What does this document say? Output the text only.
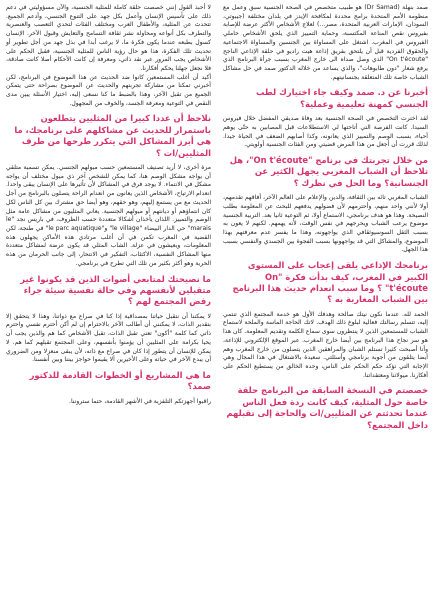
صمد بنهلة (Dr Samad) هو طبيب متخصص في الصحة الجنسية سبق وعمل مع منظومة الأمم المتحدة برامج محددة لمكافحة الإيدز في بلدان مختلفة (جيبوتي، السودان، الإمارات العربية المتحدة، مصر...) لعلاج الأشخاص الأكثر عرضة للإصابة بفيروس نقص المناعة المكتسبة، وحماية التمييز الذي يلحق الأشخاص حاملي الفيروس في المغرب. اشتغل على المساواة بين الجنسين والمساواة الاجتماعية والحقوق الفردية قبل أن يلتحق بفريق إذاعة هيت راديو في حلقة الإذاعي الناجح "On t'écoute" الذي وصل صداه الى خارج المغرب بسبب جرأة البرنامج الذي يرفع شعار "دون طابوهات"، والذي يساعد من خلاله الدكتور صمد في حل مشاكل الشباب خاصة تلك المتعلقة بجنسانيتهم.

أخبرنا عن د. صمد وكيف جاء اختيارك لطب الجنسي كمهنة تعليمية وعملية؟

لقد اخترت التخصص في الصحة الجنسية بعد وفاة صديقي المفضل خلال فيروس السيدا. كانت الفرصة التي أتاحتها لي الاستطلاعات قبل المصابين به حتّى يوهم أحياء، بسبب الوصم والتمييز الذي يعانونه، وكذا أصابهم الضعف في الحياة جيدا. لذلك قررت أن أجعل من هذا المرض قضيتي ومن الفئات الجنسية أولويتي.

من خلال تجربتك في برنامج "On t'écoute"، هل تلاحظ أن الشباب المغربي يجهل الكثير عن الجنسانية؟ وما الحل في نظرك ؟

الشباب المغربي تائه بين الثقافة، والدين والإعلام على العالم الآخر، أفاقهم تقدمهم، أولا لأنني واحد منهم، وأحترمهم لأن فضولهم يدفعهم للبحث عن المعلومة بطلب النصيحة. وهذا هو هدف برنامجي، الاستماع أولا، ثم التوعية ثانيا بعد. التربية الجنسية موضوع يرعب الشباب ويحرجهم في نفس الوقت، لأنه يهمهم. لكنهم لا يعون به بسبب الثقل السوسيوثقافي الذي يواجهونه، وهذا ما يفسر عدم معرفتهم بهذا الموضوع، والمشاكل التي قد يواجهونها بسبب الفجوة بين الجسدي والنفسي بسبب هذا الجهل.

برنامجك الإذاعي يلقى إعجاب على المستوى الكبير في المغرب، كيف بدأت فكرة "On t'écoute" ؟ وما سبب انعدام حديث هذا البرنامج بين الشباب المغاربة به ؟

الحمد لله. عندما نكون نيتك صالحة وهدفك الأول هو خدمة المجتمع الذي تنتمي إليه، تتسلم رسالتك فعالية لبلوغ ذلك الهدف. لاتك الحاجة الماسة والملحة لاستماع الشباب للمستمعين الذين لا ينتظرون سوى سماع الكلمة وتقديم المعلومة. كان هذا هو سر نجاح هذا البرنامج بين أيضا خارج المغرب. عبر الموقع الإلكتروني للإذاعة، وأنا أصبحت كثيرا تستلم الشبان والمراهقين الذين يتصلون من خارج المغرب وهم أيضا يتلقون من أجوبة برنامجي وأسئلتي. سعيدة بالاشتغال في هذا المجال وهي الإجابة التي تؤكد حكم الحكم على الناس، وحده الخالق من يستطيع الحكم على أفكارنا. ميولاتنا ومعتقداتنا.

خصصتم في النسخة السابقة من البرنامج حلقة خاصة حول المثلية، كيف كانت ردة فعل الناس عندما تحدثتم عن المثليين/ات والحاجة إلى تقبلهم داخل المجتمع؟

لا أحبذ القول إنني خصصت حلقة كاملة للمثلية الجنسية، والآن مسؤوليتي في دعم ذلك على تأسيس الإنسان وأعمل بكل جهد على التنوع الجنسي، وأدعم الجميع. تتحدث عن المثلية، والأطفال العرب ومختلف الفئات لتحدي التعصب والعنصرية والتطرف بكل أنواعه ومحاولة نشر ثقافة التسامح والتعايش وقبول الآخر. الإنسان كسول بطبعه عندما يكون فكرة ما، لا يرغب أبدا في بذل جهد من أجل تطوير أو تحديث تلك الفكرة، هذا هو حال رؤية الناس للمثلية الجنسية، فقبل الحكم على الأشخاص يجب المرور عبر نقد ذاتي، ومعرفة إن كانت الأحكام أصلا كانت صادقة، فلا نجعل جهلنا يحكم أفكارنا.

أكيد أن أغلب المستمعين كانوا ضد الحديث عن هذا الموضوع في البرنامج، لكن أخبرني تمكنا من مشاركة تجربتهم والحديث عن الموضوع بصراحة حتى يتمكن الجميع من تقبل الآخر، وهذا بالضبط ما كنا نسعى إليه، اختيار الأسئلة يبين مدى النقص في التوعية ومعرفة الجسد، والخوف من المجهول.

نلاحظ أن عددا كبيرا من المثليين يتطلعون باستمرار للحديث عن مشاكلهم على برنامجك، ما هي أبرز المشاكل التي يتكرر طرحها من طرف المثليين/ات ؟

مرة أخرى، لا أريد تصنيف المستمعين حسب ميولهم الجنسي. يمكن تسمية متلقي أن يواجه مشكل الوصم هنا، كما يمكن للشخص آخر ذي ميول مختلف أن يواجه مشكل في الانتماء. لا يوجد فرق في المشاكل لأن تأثيرها على الإنسان يبقى واحدا. انعدام الارتياح، الأشخاص الذين يعانون من انعدام الراحة يتصلون بالبرنامج من أجل الحديث مع من يستمع إليهم، وهو حقهم، وهو أيضا حق مشترك بين كل الناس لكل كان انتماؤهم أو ديانتهم أو ميولهم الجنسية. يعاني المثليون من مشاكل عامة مثل الوصم والتمييز. اللذان يأخذان أشكالا متعددة حسب الظروف، في باريس نجد "le marais" حي الدار البيضاء "le village" و"le parc aquatique" في طنجة، لكن القضية في المغرب تكمن في أن أغلب مرتادي هذه الأماكن يجهلون هذه المعلومات، ويعيشون في عزلة. الشاب المثلي قد يكون عرضة لمشاكل متعددة منها المشاكل النفسية، الاكتئاب، التفكير في الانتحار، إلى جانب الحرمان من هذه الحرية وهو أكثر بكثير من تلك التي تطرح في برنامجي.

ما نصيحتك لمتابعي أصوات الذين قد يكونوا غير متقبلين لأنفسهم وفي حالة نفسية سيئة جراء رفض المجتمع لهم ؟

لا يمكننا أن نتقبل حياتنا بمصداقية إذا كنا في صراع مع ذواتنا، وهذا لا يتحقق إلا بتقدير الذات، لا يمكنني أن أطالب الآخر بالاحترام إن لم أكن أحترم نفسي واحترم ذاتي كما كلمة "أكون" تعني تقبل الذات، تقبل الأشخاص كما هم والذين يجب أن يحيا بكرامة على المثليين أن يؤمنوا بأنفسهم، وعلى المجتمع تقبلهم كما هم. لا يمكن للإنسان أن يتطور إذا كان في صراع مع ذاته، لأن يبقى منعزلا ومن الضروري أن يبدع الآخر في حياته وعلى الأخيرين ألا يقيموا حواجز بيننا وبين أنفسنا.

ما هي المشاريع أو الخطوات القادمة للدكتور صمد؟

راقبوا أجهزتكم التلفزية في الأشهر القادمة، حتما ستروننا.
